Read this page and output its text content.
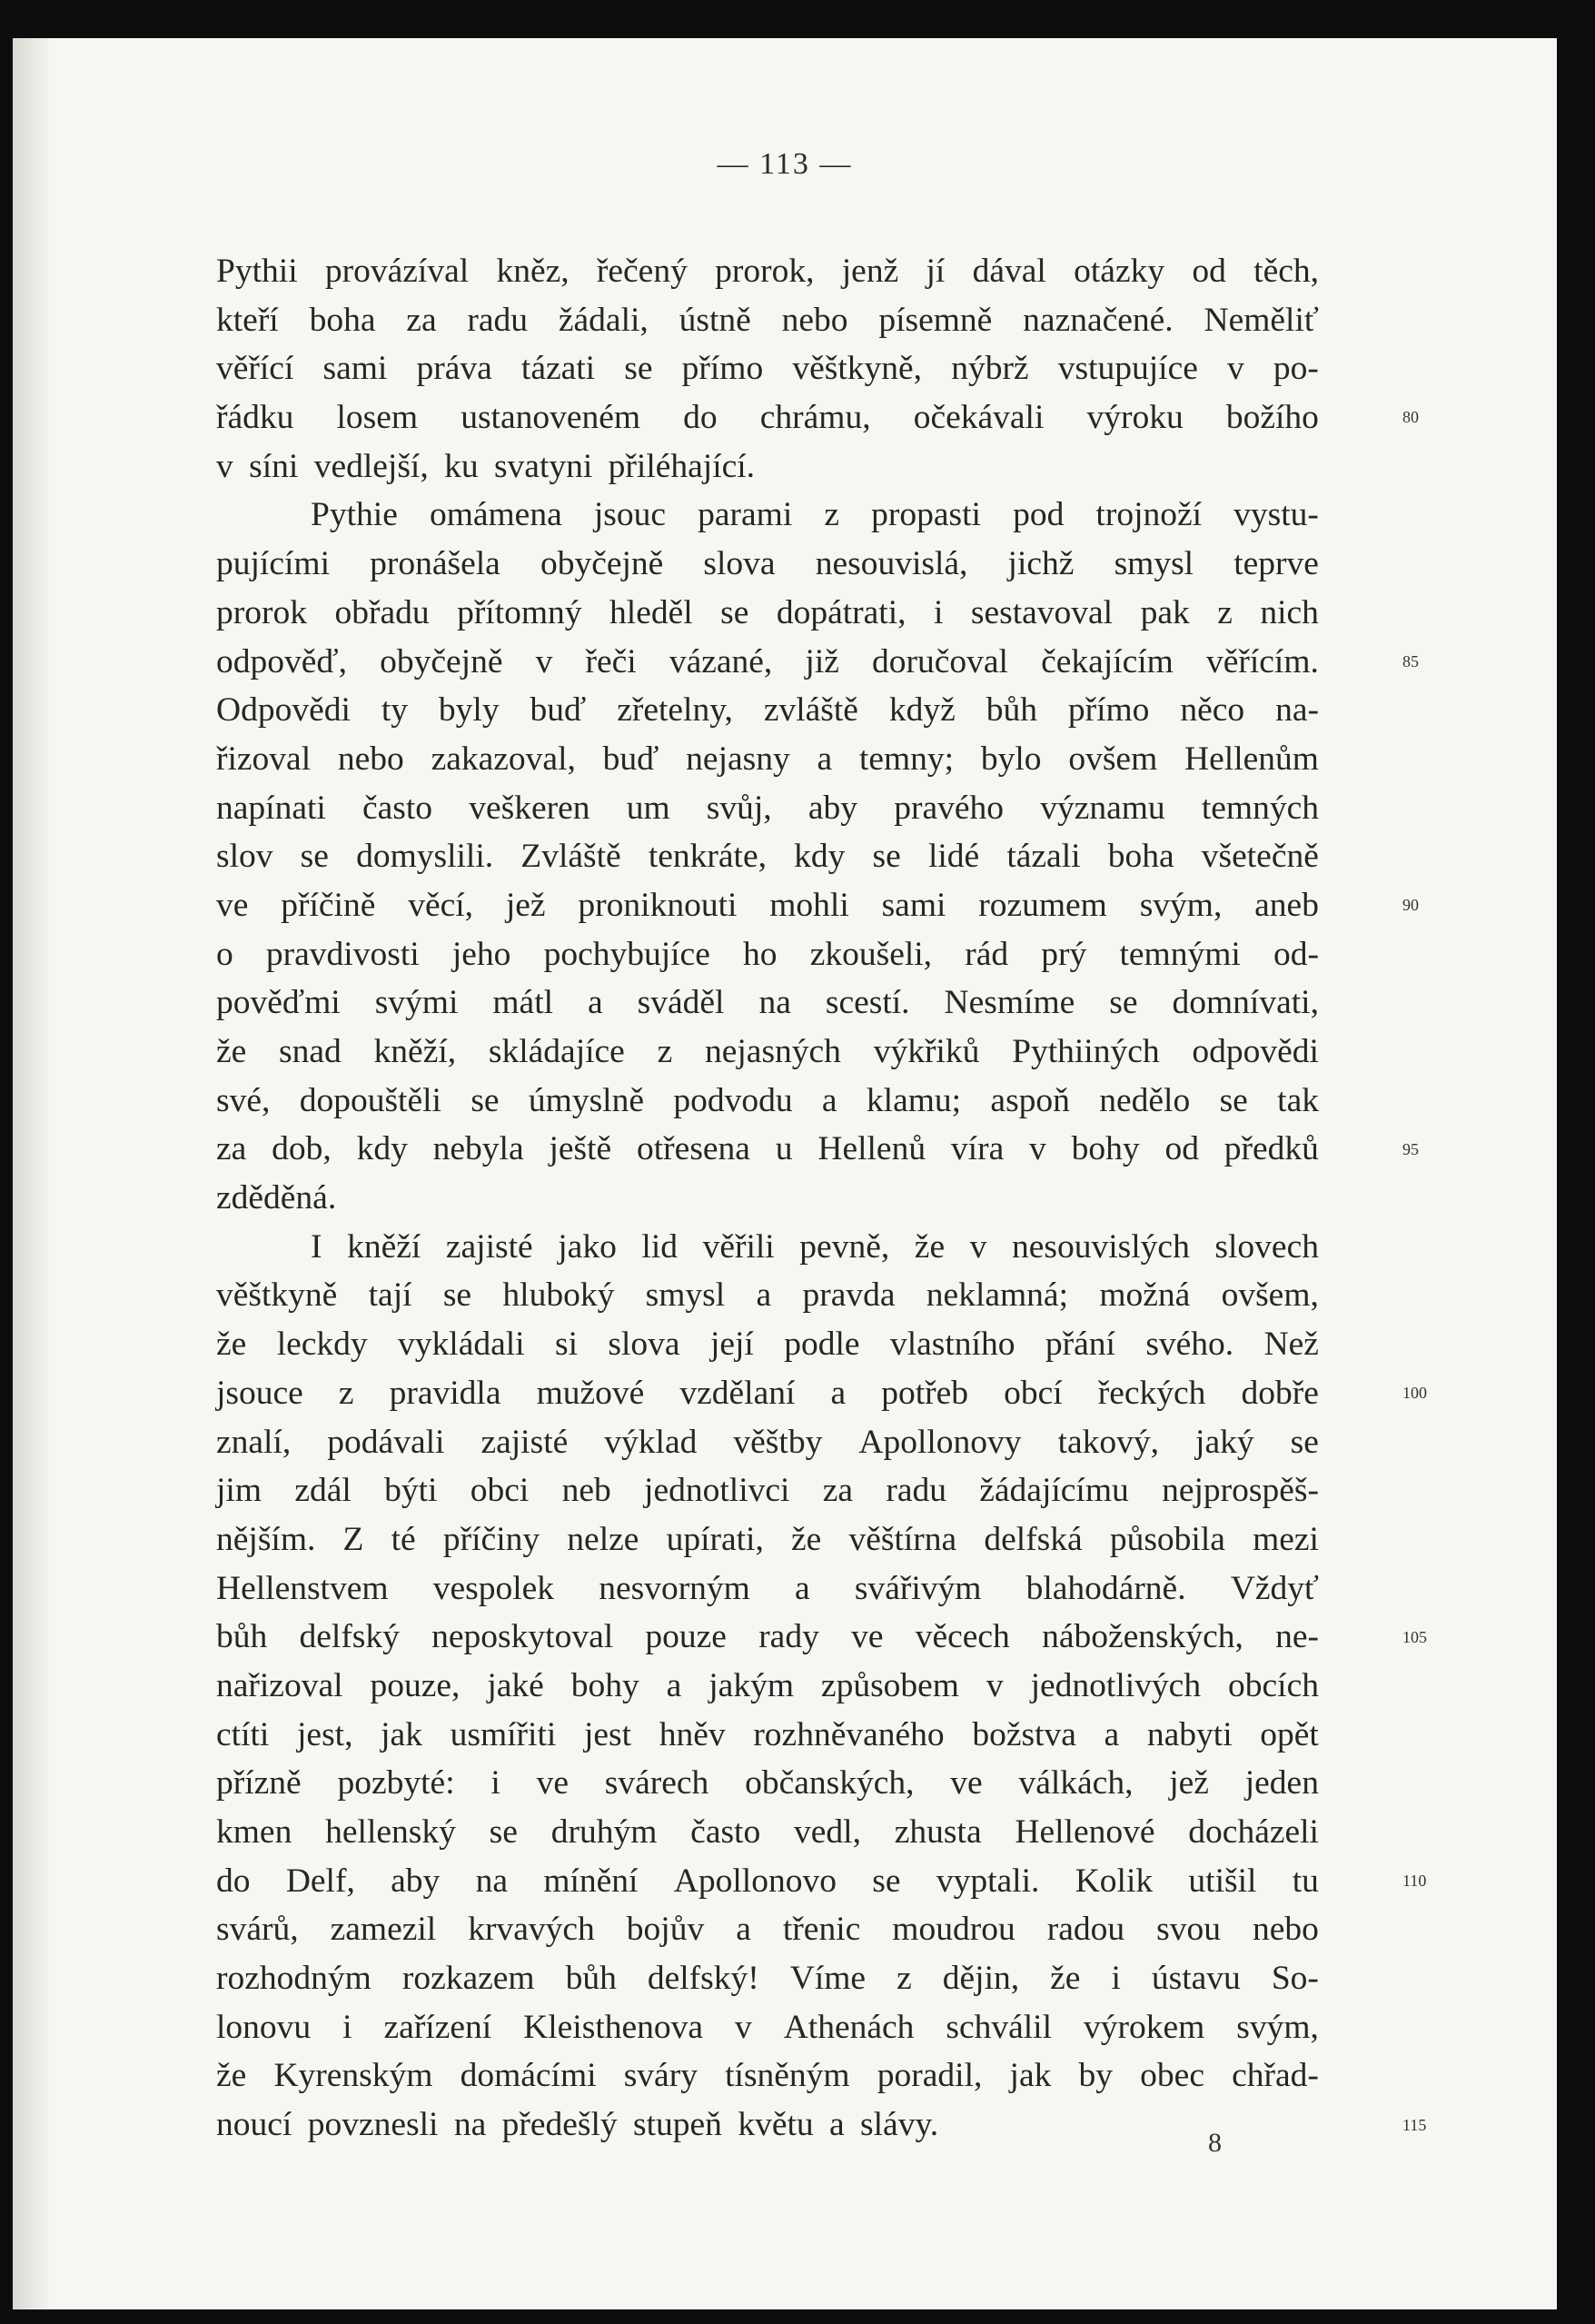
— 113 —
Pythii provázíval kněz, řečený prorok, jenž jí dával otázky od těch,
kteří boha za radu žádali, ústně nebo písemně naznačené. Neměliť
věřící sami práva tázati se přímo věštkyně, nýbrž vstupujíce v po-
řádku losem ustanoveném do chrámu, očekávali výroku božího
v síni vedlejší, ku svatyni přiléhající.
Pythie omámena jsouc parami z propasti pod trojnoží vystu-
pujícími pronášela obyčejně slova nesouvislá, jichž smysl teprve
prorok obřadu přítomný hleděl se dopátrati, i sestavoval pak z nich
odpověď, obyčejně v řeči vázané, již doručoval čekajícím věřícím.
Odpovědi ty byly buď zřetelny, zvláště když bůh přímo něco na-
řizoval nebo zakazoval, buď nejasny a temny; bylo ovšem Hellenům
napínati často veškeren um svůj, aby pravého významu temných
slov se domyslili. Zvláště tenkráte, kdy se lidé tázali boha všetečně
ve příčině věcí, jež proniknouti mohli sami rozumem svým, aneb
o pravdivosti jeho pochybujíce ho zkoušeli, rád prý temnými od-
pověďmi svými mátl a sváděl na scestí. Nesmíme se domnívati,
že snad kněží, skládajíce z nejasných výkřiků Pythiiných odpovědi
své, dopouštěli se úmyslně podvodu a klamu; aspoň nedělo se tak
za dob, kdy nebyla ještě otřesena u Hellenů víra v bohy od předků
zděděná.
I kněží zajisté jako lid věřili pevně, že v nesouvislých slovech
věštkyně tají se hluboký smysl a pravda neklamná; možná ovšem,
že leckdy vykládali si slova její podle vlastního přání svého. Než
jsouce z pravidla mužové vzdělaní a potřeb obcí řeckých dobře
znalí, podávali zajisté výklad věštby Apollonovy takový, jaký se
jim zdál býti obci neb jednotlivci za radu žádajícímu nejprospěš-
nějším. Z té příčiny nelze upírati, že věštírna delfská působila mezi
Hellenstvem vespolek nesvorným a svářivým blahodárně. Vždyť
bůh delfský neposkytoval pouze rady ve věcech náboženských, ne-
nařizoval pouze, jaké bohy a jakým způsobem v jednotlivých obcích
ctíti jest, jak usmířiti jest hněv rozhněvaného božstva a nabyti opět
přízně pozbyté: i ve svárech občanských, ve válkách, jež jeden
kmen hellenský se druhým často vedl, zhusta Hellenové docházeli
do Delf, aby na mínění Apollonovo se vyptali. Kolik utišil tu
svárů, zamezil krvavých bojův a třenic moudrou radou svou nebo
rozhodným rozkazem bůh delfský! Víme z dějin, že i ústavu So-
lonovu i zařízení Kleisthenova v Athenách schválil výrokem svým,
že Kyrenským domácími sváry tísněným poradil, jak by obec chřad-
noucí povznesli na předešlý stupeň květu a slávy.
80
85
90
95
100
105
110
115
8
